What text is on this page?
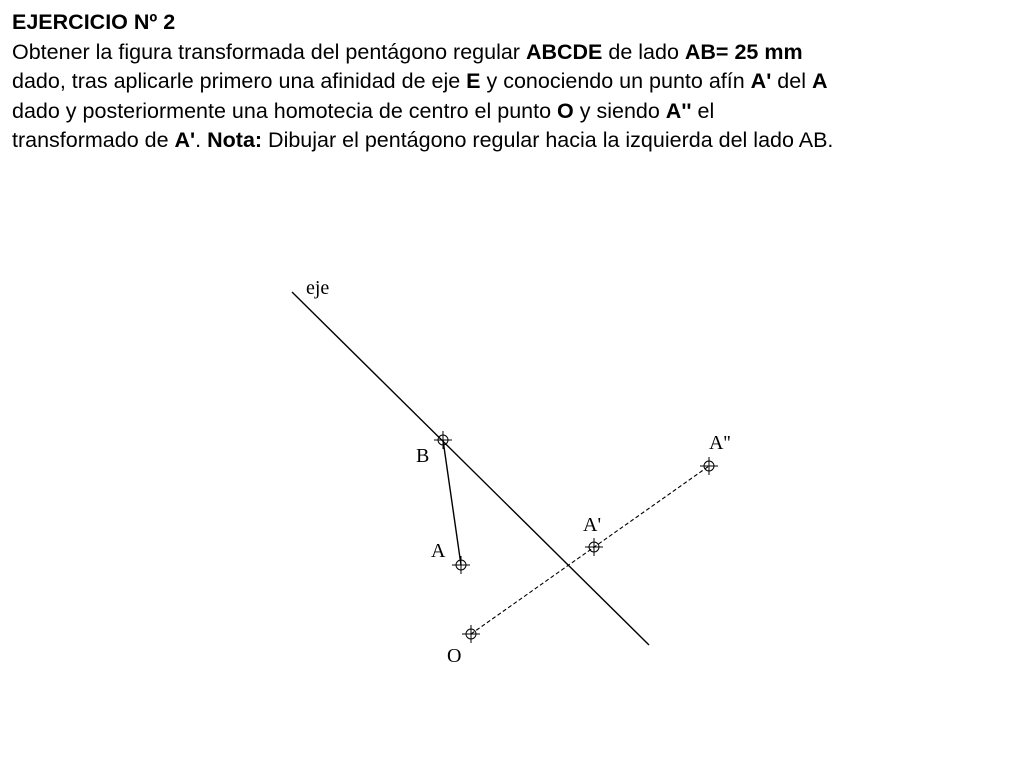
EJERCICIO Nº 2
Obtener la figura transformada del pentágono regular ABCDE de lado AB= 25 mm
dado, tras aplicarle primero una afinidad de eje E y conociendo un punto afín A' del A
dado y posteriormente una homotecia de centro el punto O y siendo A'' el
transformado de A'. Nota: Dibujar el pentágono regular hacia la izquierda del lado AB.
eje
B
A
A'
A''
O
